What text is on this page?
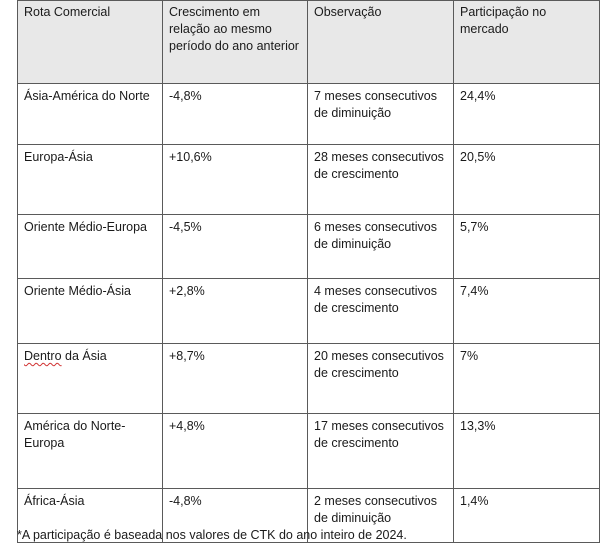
Rota Comercial	Crescimento em relação ao mesmo período do ano anterior	Observação	Participação no mercado
Ásia-América do Norte	-4,8%	7 meses consecutivos de diminuição	24,4%
Europa-Ásia	+10,6%	28 meses consecutivos de crescimento	20,5%
Oriente Médio-Europa	-4,5%	6 meses consecutivos de diminuição	5,7%
Oriente Médio-Ásia	+2,8%	4 meses consecutivos de crescimento	7,4%
Dentro da Ásia	+8,7%	20 meses consecutivos de crescimento	7%
América do Norte-Europa	+4,8%	17 meses consecutivos de crescimento	13,3%
África-Ásia	-4,8%	2 meses consecutivos de diminuição	1,4%
*A participação é baseada nos valores de CTK do ano inteiro de 2024.
